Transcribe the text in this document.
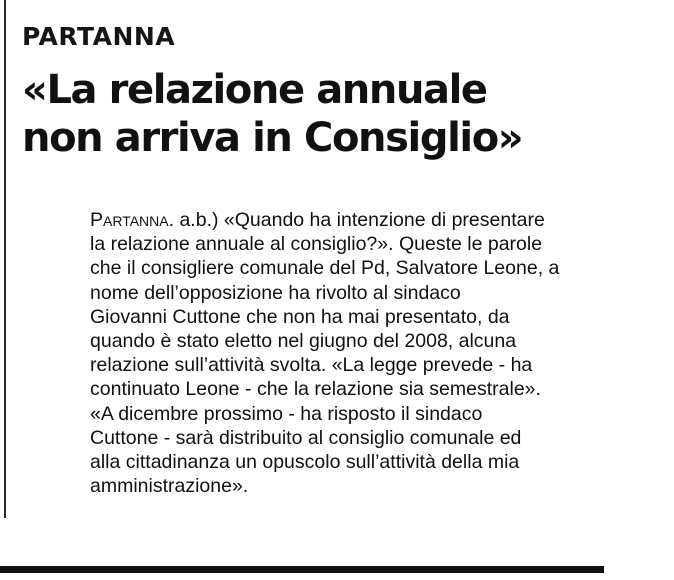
PARTANNA
«La relazione annuale
non arriva in Consiglio»
Partanna. a.b.) «Quando ha intenzione di presentare
la relazione annuale al consiglio?». Queste le parole
che il consigliere comunale del Pd, Salvatore Leone, a
nome dell’opposizione ha rivolto al sindaco
Giovanni Cuttone che non ha mai presentato, da
quando è stato eletto nel giugno del 2008, alcuna
relazione sull’attività svolta. «La legge prevede - ha
continuato Leone - che la relazione sia semestrale».
«A dicembre prossimo - ha risposto il sindaco
Cuttone - sarà distribuito al consiglio comunale ed
alla cittadinanza un opuscolo sull’attività della mia
amministrazione».
